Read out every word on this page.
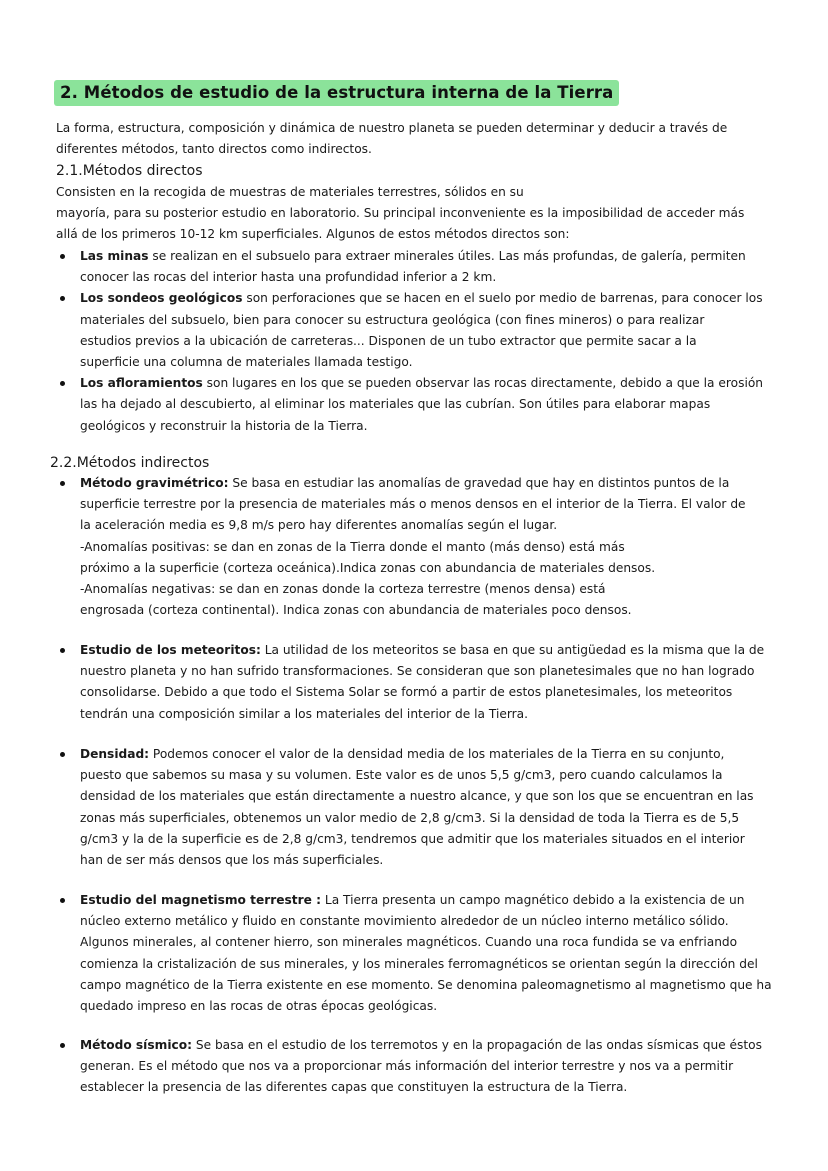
2. Métodos de estudio de la estructura interna de la Tierra

La forma, estructura, composición y dinámica de nuestro planeta se pueden determinar y deducir a través de
diferentes métodos, tanto directos como indirectos.

2.1.Métodos directos

Consisten en la recogida de muestras de materiales terrestres, sólidos en su
mayoría, para su posterior estudio en laboratorio. Su principal inconveniente es la imposibilidad de acceder más
allá de los primeros 10-12 km superficiales. Algunos de estos métodos directos son:

Las minas se realizan en el subsuelo para extraer minerales útiles. Las más profundas, de galería, permiten
conocer las rocas del interior hasta una profundidad inferior a 2 km.
Los sondeos geológicos son perforaciones que se hacen en el suelo por medio de barrenas, para conocer los
materiales del subsuelo, bien para conocer su estructura geológica (con fines mineros) o para realizar
estudios previos a la ubicación de carreteras... Disponen de un tubo extractor que permite sacar a la
superficie una columna de materiales llamada testigo.
Los afloramientos son lugares en los que se pueden observar las rocas directamente, debido a que la erosión
las ha dejado al descubierto, al eliminar los materiales que las cubrían. Son útiles para elaborar mapas
geológicos y reconstruir la historia de la Tierra.

2.2.Métodos indirectos

Método gravimétrico: Se basa en estudiar las anomalías de gravedad que hay en distintos puntos de la
superficie terrestre por la presencia de materiales más o menos densos en el interior de la Tierra. El valor de
la aceleración media es 9,8 m/s pero hay diferentes anomalías según el lugar.
-Anomalías positivas: se dan en zonas de la Tierra donde el manto (más denso) está más
próximo a la superficie (corteza oceánica).Indica zonas con abundancia de materiales densos.
-Anomalías negativas: se dan en zonas donde la corteza terrestre (menos densa) está
engrosada (corteza continental). Indica zonas con abundancia de materiales poco densos.
Estudio de los meteoritos: La utilidad de los meteoritos se basa en que su antigüedad es la misma que la de
nuestro planeta y no han sufrido transformaciones. Se consideran que son planetesimales que no han logrado
consolidarse. Debido a que todo el Sistema Solar se formó a partir de estos planetesimales, los meteoritos
tendrán una composición similar a los materiales del interior de la Tierra.
Densidad: Podemos conocer el valor de la densidad media de los materiales de la Tierra en su conjunto,
puesto que sabemos su masa y su volumen. Este valor es de unos 5,5 g/cm3, pero cuando calculamos la
densidad de los materiales que están directamente a nuestro alcance, y que son los que se encuentran en las
zonas más superficiales, obtenemos un valor medio de 2,8 g/cm3. Si la densidad de toda la Tierra es de 5,5
g/cm3 y la de la superficie es de 2,8 g/cm3, tendremos que admitir que los materiales situados en el interior
han de ser más densos que los más superficiales.
Estudio del magnetismo terrestre : La Tierra presenta un campo magnético debido a la existencia de un
núcleo externo metálico y fluido en constante movimiento alrededor de un núcleo interno metálico sólido.
Algunos minerales, al contener hierro, son minerales magnéticos. Cuando una roca fundida se va enfriando
comienza la cristalización de sus minerales, y los minerales ferromagnéticos se orientan según la dirección del
campo magnético de la Tierra existente en ese momento. Se denomina paleomagnetismo al magnetismo que ha
quedado impreso en las rocas de otras épocas geológicas.
Método sísmico: Se basa en el estudio de los terremotos y en la propagación de las ondas sísmicas que éstos
generan. Es el método que nos va a proporcionar más información del interior terrestre y nos va a permitir
establecer la presencia de las diferentes capas que constituyen la estructura de la Tierra.
